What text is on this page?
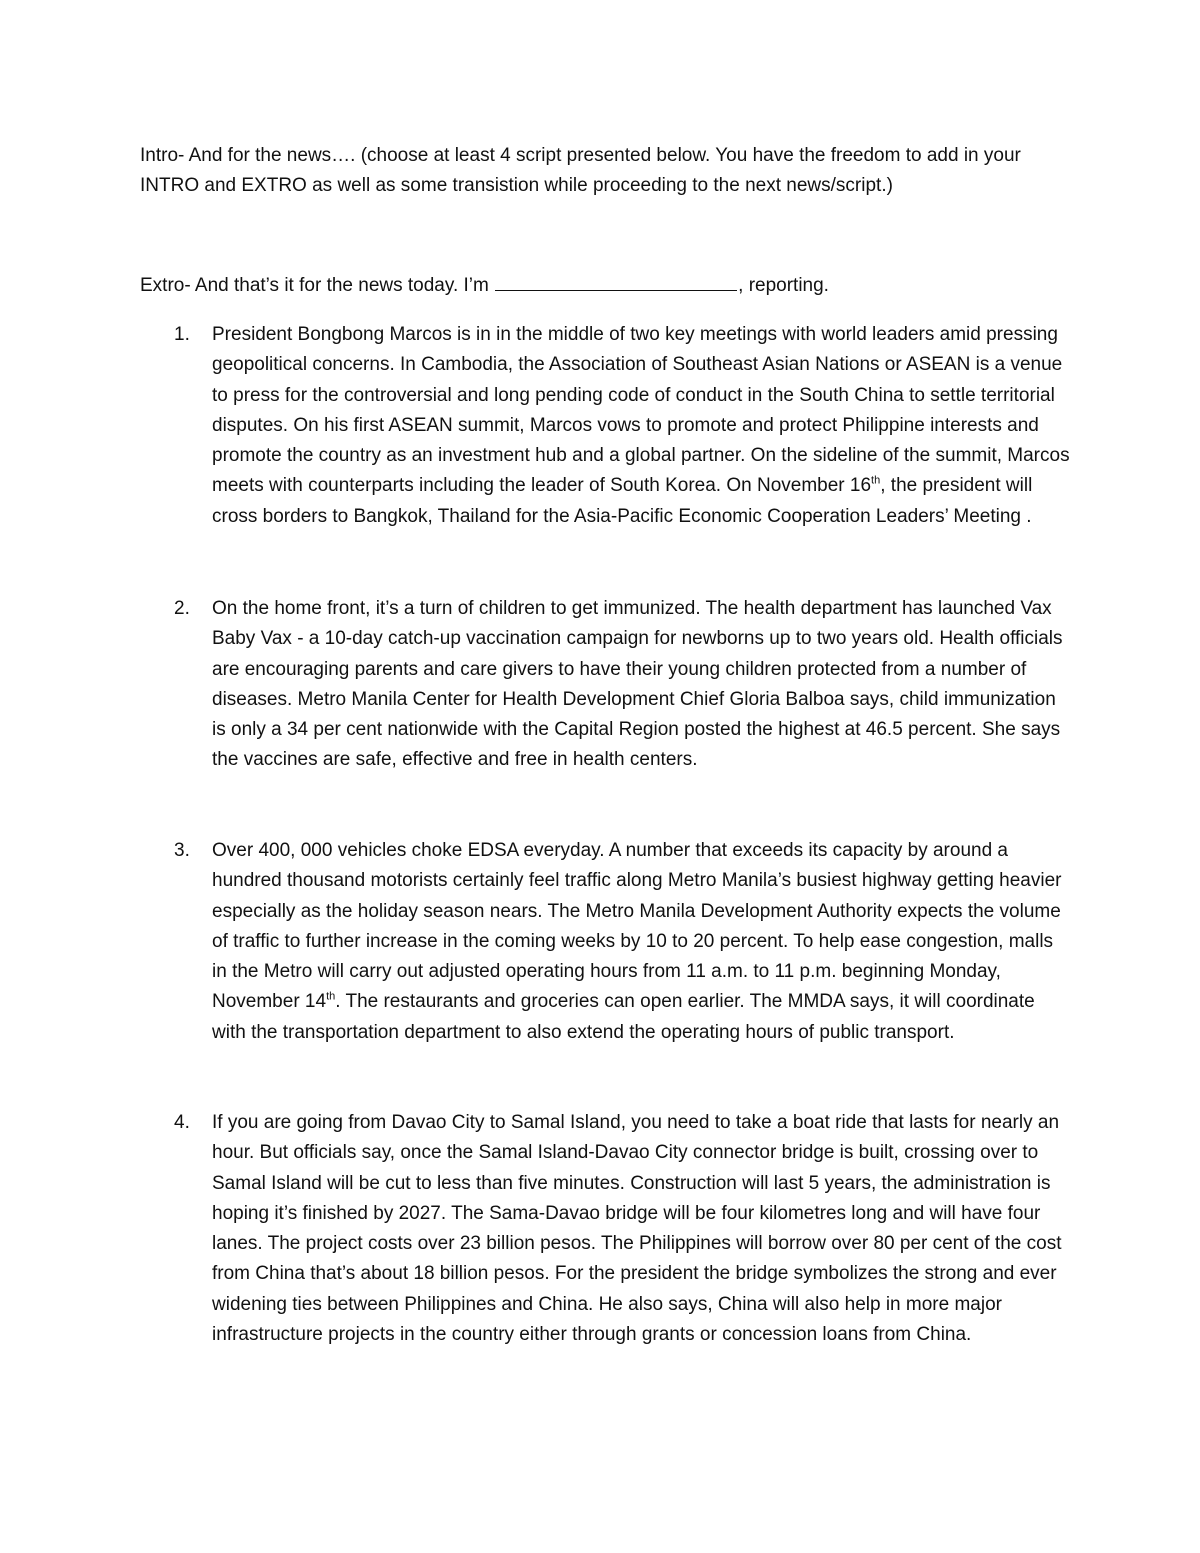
Intro- And for the news…. (choose at least 4 script presented below. You have the freedom to add in your INTRO and EXTRO as well as some transistion while proceeding to the next news/script.)

Extro- And that’s it for the news today. I’m	, reporting.

1. President Bongbong Marcos is in in the middle of two key meetings with world leaders amid pressing geopolitical concerns. In Cambodia, the Association of Southeast Asian Nations or ASEAN is a venue to press for the controversial and long pending code of conduct in the South China to settle territorial disputes. On his first ASEAN summit, Marcos vows to promote and protect Philippine interests and promote the country as an investment hub and a global partner. On the sideline of the summit, Marcos meets with counterparts including the leader of South Korea. On November 16th, the president will cross borders to Bangkok, Thailand for the Asia-Pacific Economic Cooperation Leaders’ Meeting .
2. On the home front, it’s a turn of children to get immunized. The health department has launched Vax Baby Vax - a 10-day catch-up vaccination campaign for newborns up to two years old. Health officials are encouraging parents and care givers to have their young children protected from a number of diseases. Metro Manila Center for Health Development Chief Gloria Balboa says, child immunization is only a 34 per cent nationwide with the Capital Region posted the highest at 46.5 percent. She says the vaccines are safe, effective and free in health centers.
3. Over 400, 000 vehicles choke EDSA everyday. A number that exceeds its capacity by around a hundred thousand motorists certainly feel traffic along Metro Manila’s busiest highway getting heavier especially as the holiday season nears. The Metro Manila Development Authority expects the volume of traffic to further increase in the coming weeks by 10 to 20 percent. To help ease congestion, malls in the Metro will carry out adjusted operating hours from 11 a.m. to 11 p.m. beginning Monday, November 14th. The restaurants and groceries can open earlier. The MMDA says, it will coordinate with the transportation department to also extend the operating hours of public transport.
4. If you are going from Davao City to Samal Island, you need to take a boat ride that lasts for nearly an hour. But officials say, once the Samal Island-Davao City connector bridge is built, crossing over to Samal Island will be cut to less than five minutes. Construction will last 5 years, the administration is hoping it’s finished by 2027. The Sama-Davao bridge will be four kilometres long and will have four lanes. The project costs over 23 billion pesos. The Philippines will borrow over 80 per cent of the cost from China that’s about 18 billion pesos. For the president the bridge symbolizes the strong and ever widening ties between Philippines and China. He also says, China will also help in more major infrastructure projects in the country either through grants or concession loans from China.
